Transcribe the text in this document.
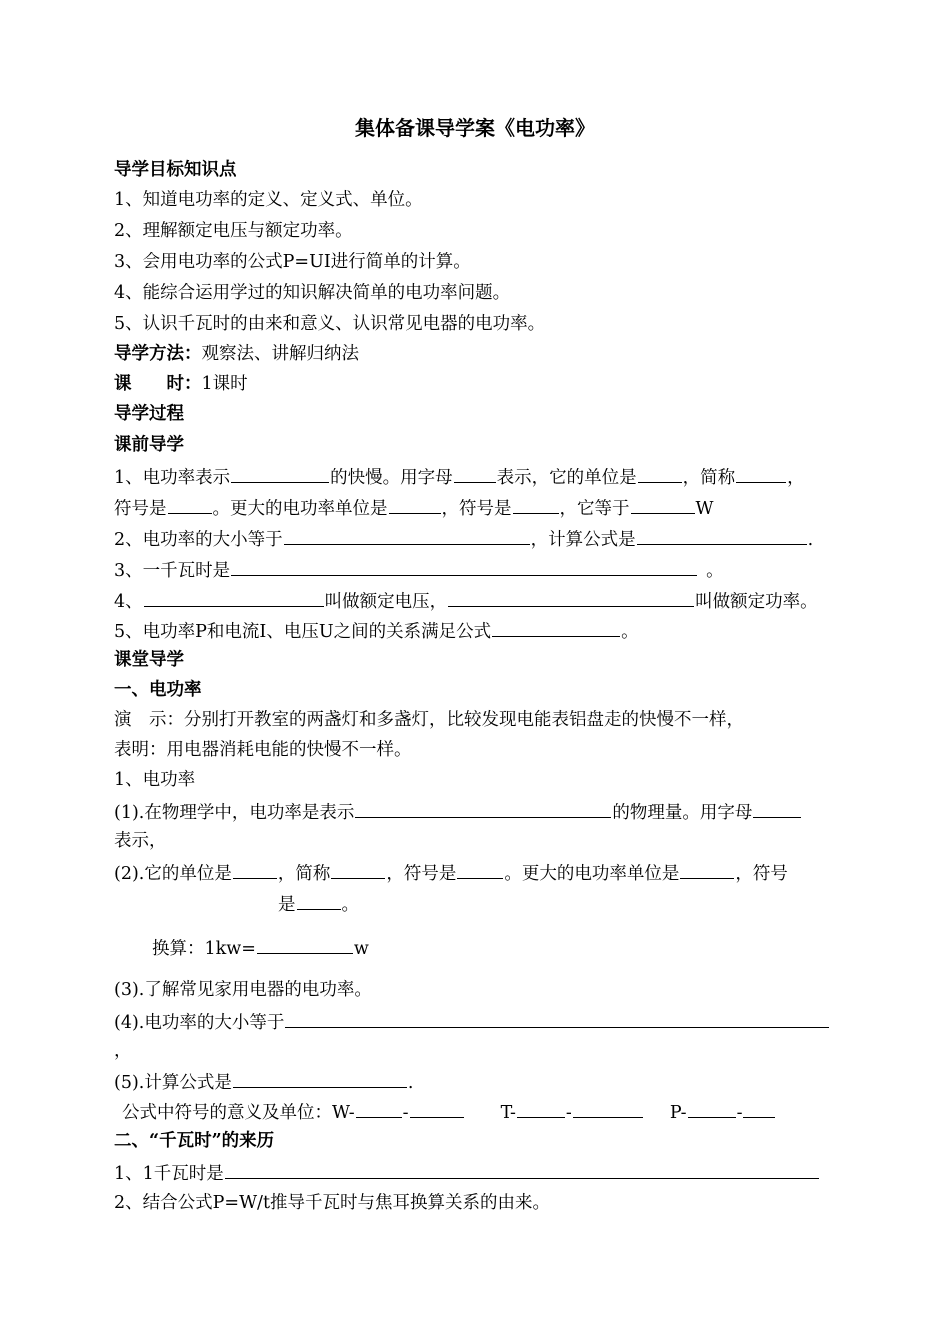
集体备课导学案《电功率》
导学目标知识点
1、知道电功率的定义、定义式、单位。
2、理解额定电压与额定功率。
3、会用电功率的公式P=UI进行简单的计算。
4、能综合运用学过的知识解决简单的电功率问题。
5、认识千瓦时的由来和意义、认识常见电器的电功率。
导学方法：观察法、讲解归纳法
课　　时：1课时
导学过程
课前导学
1、电功率表示	的快慢。用字母	表示，它的单位是	，简称	，
符号是	。更大的电功率单位是	，符号是	，它等于	W
2、电功率的大小等于	，计算公式是	.
3、一千瓦时是	。
4、	叫做额定电压，	叫做额定功率。
5、电功率P和电流I、电压U之间的关系满足公式	。
课堂导学
一、电功率
演　示：分别打开教室的两盏灯和多盏灯，比较发现电能表铝盘走的快慢不一样，
表明：用电器消耗电能的快慢不一样。
1、电功率
(1).在物理学中，电功率是表示	的物理量。用字母
表示，
(2).它的单位是	，简称	，符号是	。更大的电功率单位是	，符号
是	。
换算：1kw=	w
(3).了解常见家用电器的电功率。
(4).电功率的大小等于
，
(5).计算公式是	.
公式中符号的意义及单位：W-	-	T-	-	P-	-
二、“千瓦时”的来历
1、1千瓦时是
2、结合公式P=W/t推导千瓦时与焦耳换算关系的由来。
